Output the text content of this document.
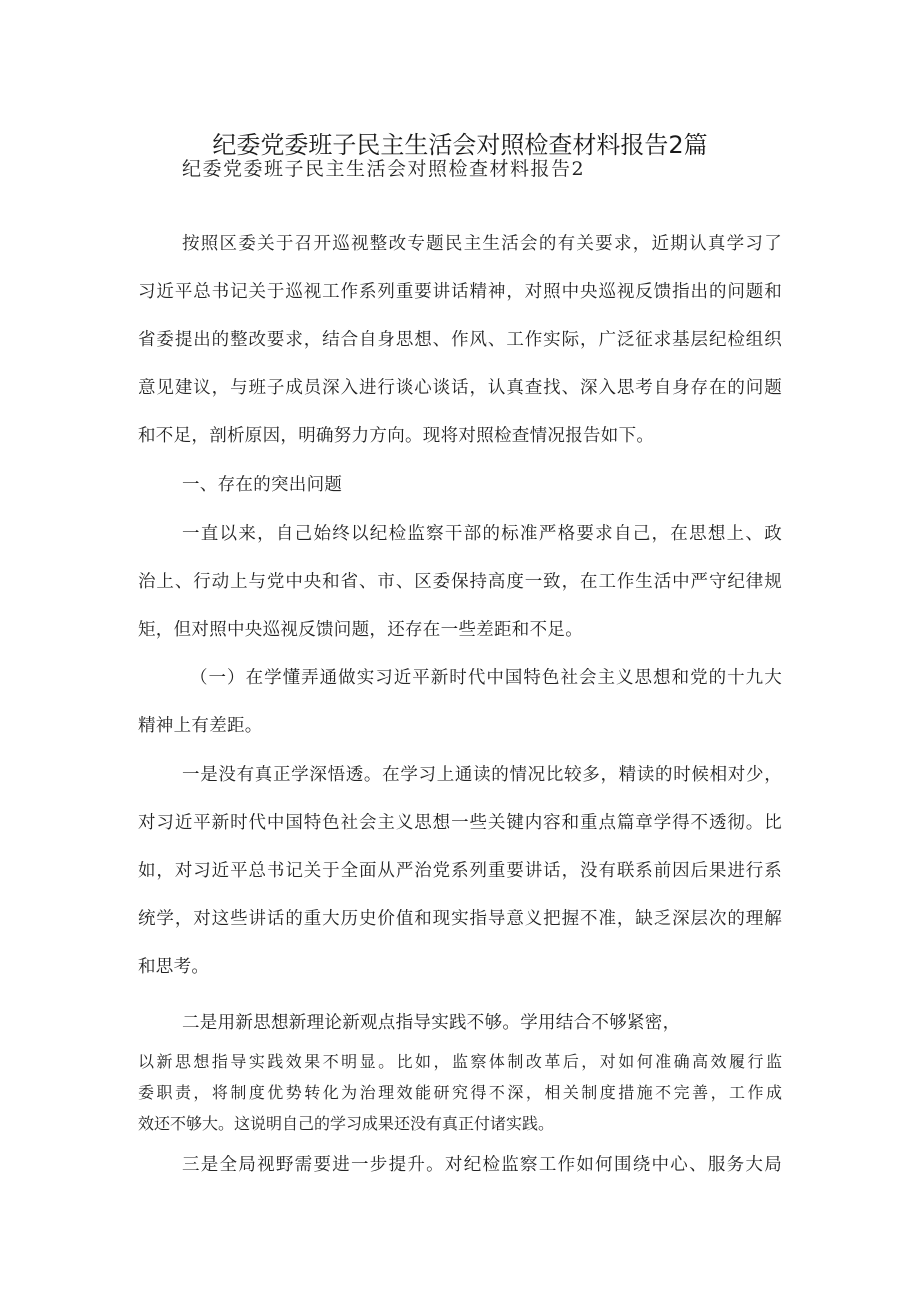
纪委党委班子民主生活会对照检查材料报告2篇
纪委党委班子民主生活会对照检查材料报告2
按照区委关于召开巡视整改专题民主生活会的有关要求，近期认真学习了
习近平总书记关于巡视工作系列重要讲话精神，对照中央巡视反馈指出的问题和
省委提出的整改要求，结合自身思想、作风、工作实际，广泛征求基层纪检组织
意见建议，与班子成员深入进行谈心谈话，认真查找、深入思考自身存在的问题
和不足，剖析原因，明确努力方向。现将对照检查情况报告如下。
一、存在的突出问题
一直以来，自己始终以纪检监察干部的标准严格要求自己，在思想上、政
治上、行动上与党中央和省、市、区委保持高度一致，在工作生活中严守纪律规
矩，但对照中央巡视反馈问题，还存在一些差距和不足。
（一）在学懂弄通做实习近平新时代中国特色社会主义思想和党的十九大
精神上有差距。
一是没有真正学深悟透。在学习上通读的情况比较多，精读的时候相对少，
对习近平新时代中国特色社会主义思想一些关键内容和重点篇章学得不透彻。比
如，对习近平总书记关于全面从严治党系列重要讲话，没有联系前因后果进行系
统学，对这些讲话的重大历史价值和现实指导意义把握不准，缺乏深层次的理解
和思考。
二是用新思想新理论新观点指导实践不够。学用结合不够紧密，
以新思想指导实践效果不明显。比如，监察体制改革后，对如何准确高效履行监
委职责，将制度优势转化为治理效能研究得不深，相关制度措施不完善，工作成
效还不够大。这说明自己的学习成果还没有真正付诸实践。
三是全局视野需要进一步提升。对纪检监察工作如何围绕中心、服务大局
